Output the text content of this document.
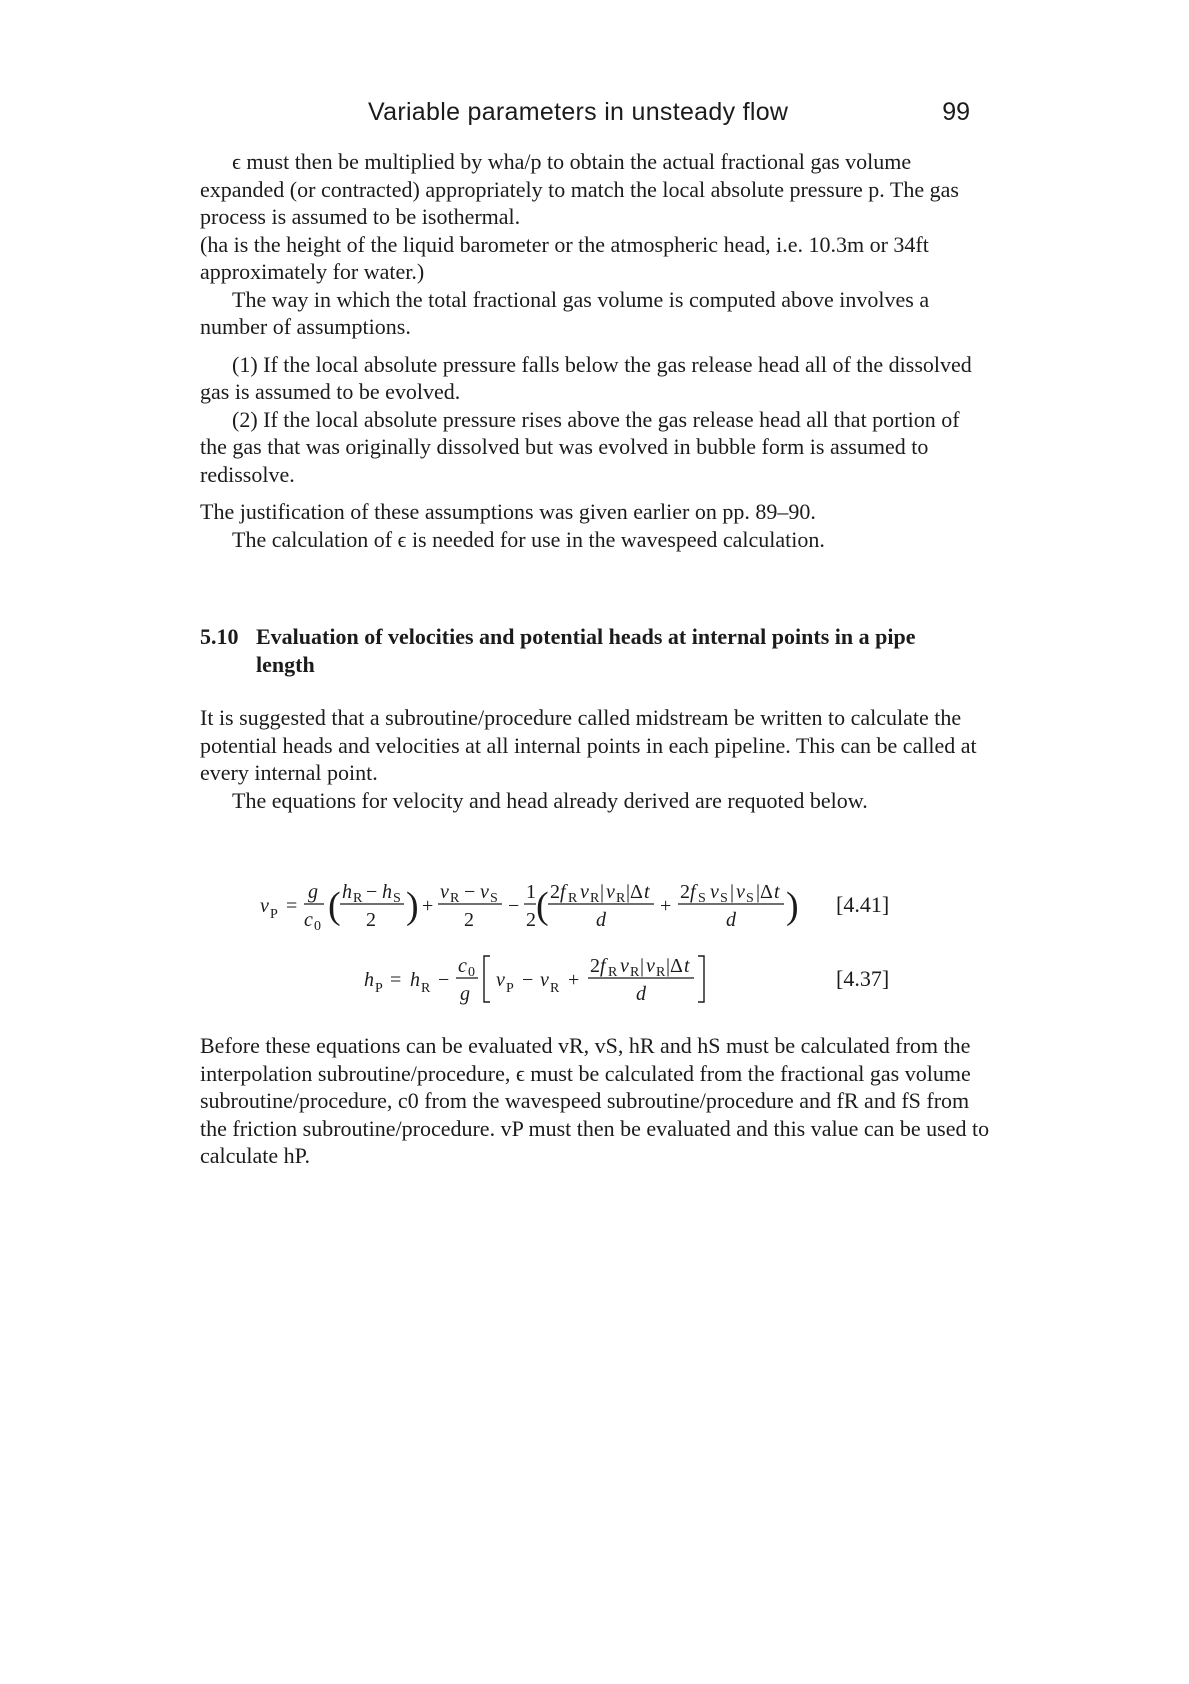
Variable parameters in unsteady flow	99

ϵ must then be multiplied by wha/p to obtain the actual fractional gas volume expanded (or contracted) appropriately to match the local absolute pressure p. The gas process is assumed to be isothermal.

(ha is the height of the liquid barometer or the atmospheric head, i.e. 10.3m or 34ft approximately for water.)

The way in which the total fractional gas volume is computed above involves a number of assumptions.

(1) If the local absolute pressure falls below the gas release head all of the dissolved gas is assumed to be evolved.

(2) If the local absolute pressure rises above the gas release head all that portion of the gas that was originally dissolved but was evolved in bubble form is assumed to redissolve.

The justification of these assumptions was given earlier on pp. 89–90.

The calculation of ϵ is needed for use in the wavespeed calculation.

5.10 Evaluation of velocities and potential heads at internal points in a pipe length

It is suggested that a subroutine/procedure called midstream be written to calculate the potential heads and velocities at all internal points in each pipeline. This can be called at every internal point.

The equations for velocity and head already derived are requoted below.

v P =
g
c 0 ( h R − h S
2 ) +
v R − v S
2
−
1
2 ( 2 f R v R | v R |Δ t
d
+
2 f S v S | v S |Δ t
d ) [4.41]
h P = h R −
c 0
g
v P − v R +
2 f R v R | v R |Δ t
d
[4.37]

Before these equations can be evaluated vR, vS, hR and hS must be calculated from the interpolation subroutine/procedure, ϵ must be calculated from the fractional gas volume subroutine/procedure, c0 from the wavespeed subroutine/procedure and fR and fS from the friction subroutine/procedure. vP must then be evaluated and this value can be used to calculate hP.
